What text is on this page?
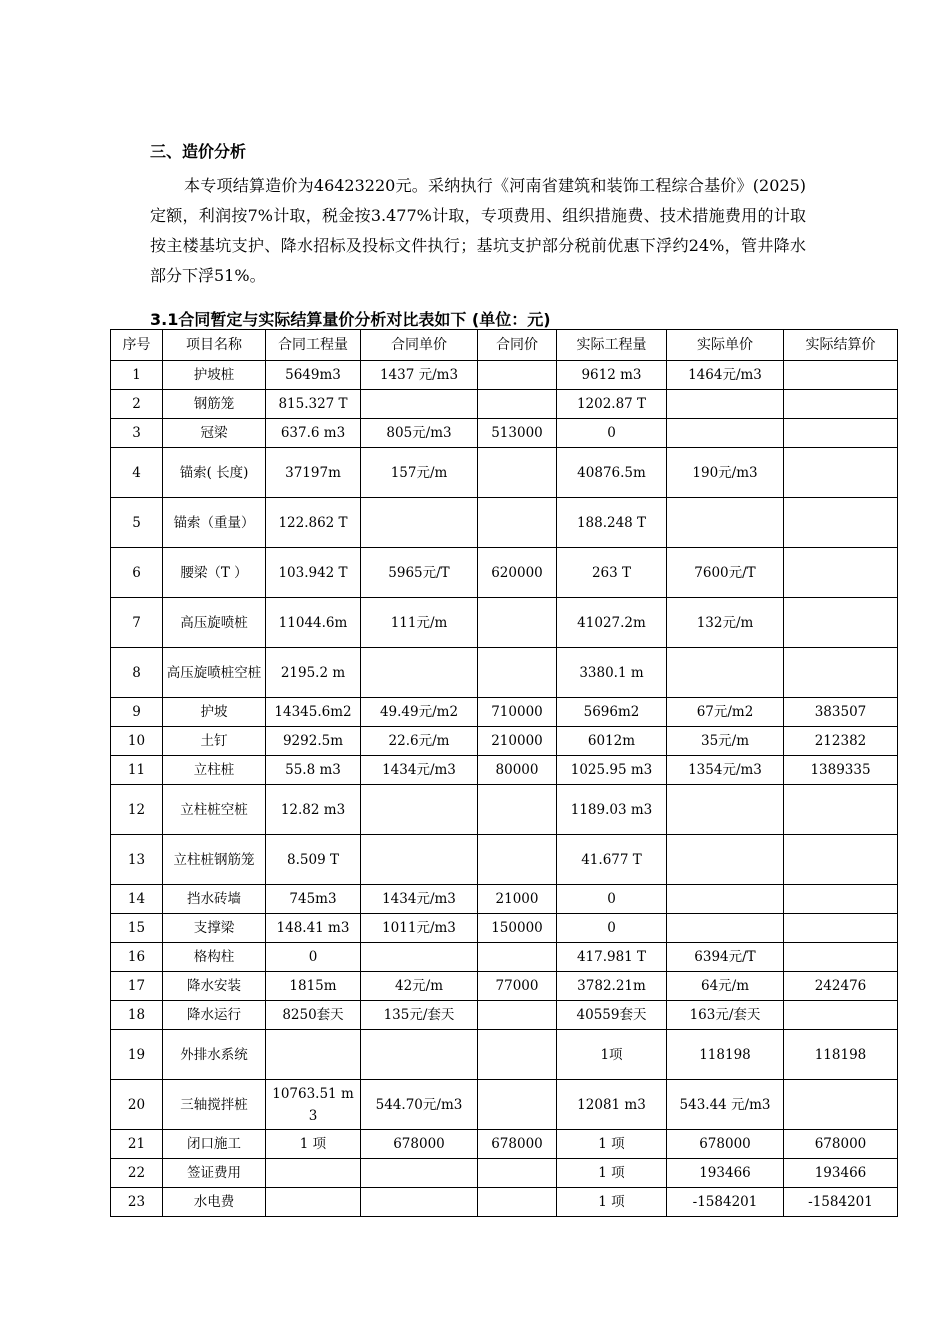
三、造价分析

本专项结算造价为46423220元。采纳执行《河南省建筑和装饰工程综合基价》(2025)定额，利润按7%计取，税金按3.477%计取，专项费用、组织措施费、技术措施费用的计取按主楼基坑支护、降水招标及投标文件执行；基坑支护部分税前优惠下浮约24%，管井降水部分下浮51%。

3.1合同暂定与实际结算量价分析对比表如下 (单位：元)
序号	项目名称	合同工程量	合同单价	合同价	实际工程量	实际单价	实际结算价
1	护坡桩	5649m3	1437 元/m3		9612 m3	1464元/m3	
2	钢筋笼	815.327 T			1202.87 T		
3	冠梁	637.6 m3	805元/m3	513000	0		
4	锚索( 长度)	37197m	157元/m		40876.5m	190元/m3	
5	锚索（重量）	122.862 T			188.248 T		
6	腰梁（T ）	103.942 T	5965元/T	620000	263 T	7600元/T	
7	高压旋喷桩	11044.6m	111元/m		41027.2m	132元/m	
8	高压旋喷桩空桩	2195.2 m			3380.1 m		
9	护坡	14345.6m2	49.49元/m2	710000	5696m2	67元/m2	383507
10	土钉	9292.5m	22.6元/m	210000	6012m	35元/m	212382
11	立柱桩	55.8 m3	1434元/m3	80000	1025.95 m3	1354元/m3	1389335
12	立柱桩空桩	12.82 m3			1189.03 m3		
13	立柱桩钢筋笼	8.509 T			41.677 T		
14	挡水砖墙	745m3	1434元/m3	21000	0		
15	支撑梁	148.41 m3	1011元/m3	150000	0		
16	格构柱	0			417.981 T	6394元/T	
17	降水安装	1815m	42元/m	77000	3782.21m	64元/m	242476
18	降水运行	8250套天	135元/套天		40559套天	163元/套天	
19	外排水系统				1项	118198	118198
20	三轴搅拌桩	10763.51 m3	544.70元/m3		12081 m3	543.44 元/m3	
21	闭口施工	1 项	678000	678000	1 项	678000	678000
22	签证费用				1 项	193466	193466
23	水电费				1 项	-1584201	-1584201
